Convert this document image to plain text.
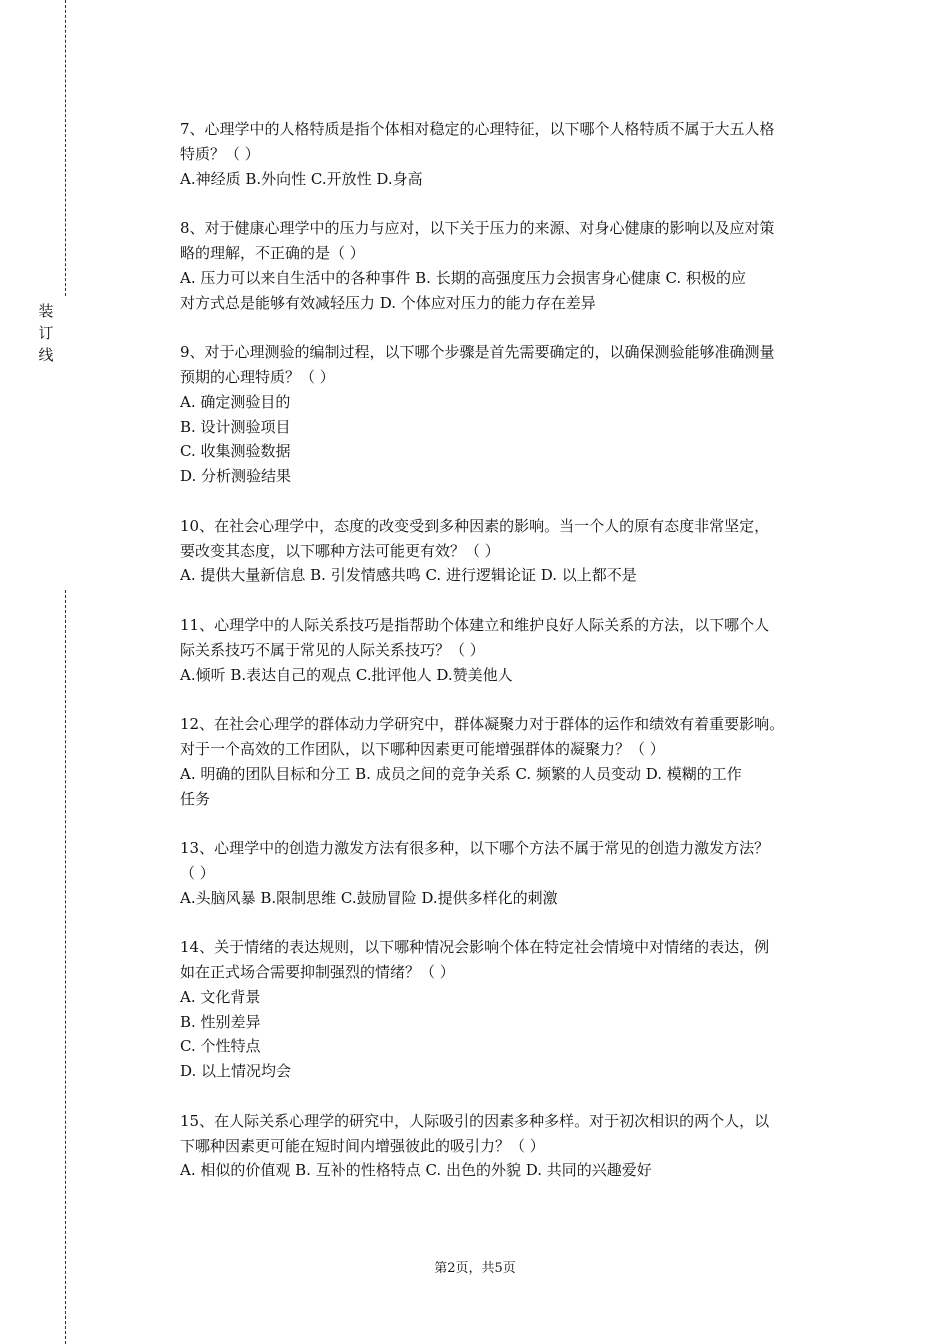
装
订
线

7、心理学中的人格特质是指个体相对稳定的心理特征，以下哪个人格特质不属于大五人格

特质？（ ）

A.神经质 B.外向性 C.开放性 D.身高

8、对于健康心理学中的压力与应对，以下关于压力的来源、对身心健康的影响以及应对策

略的理解，不正确的是（ ）

A. 压力可以来自生活中的各种事件 B. 长期的高强度压力会损害身心健康 C. 积极的应

对方式总是能够有效减轻压力 D. 个体应对压力的能力存在差异

9、对于心理测验的编制过程，以下哪个步骤是首先需要确定的，以确保测验能够准确测量

预期的心理特质？（ ）

A. 确定测验目的

B. 设计测验项目

C. 收集测验数据

D. 分析测验结果

10、在社会心理学中，态度的改变受到多种因素的影响。当一个人的原有态度非常坚定，

要改变其态度，以下哪种方法可能更有效？（ ）

A. 提供大量新信息 B. 引发情感共鸣 C. 进行逻辑论证 D. 以上都不是

11、心理学中的人际关系技巧是指帮助个体建立和维护良好人际关系的方法，以下哪个人

际关系技巧不属于常见的人际关系技巧？（ ）

A.倾听 B.表达自己的观点 C.批评他人 D.赞美他人

12、在社会心理学的群体动力学研究中，群体凝聚力对于群体的运作和绩效有着重要影响。

对于一个高效的工作团队，以下哪种因素更可能增强群体的凝聚力？（ ）

A. 明确的团队目标和分工 B. 成员之间的竞争关系 C. 频繁的人员变动 D. 模糊的工作

任务

13、心理学中的创造力激发方法有很多种，以下哪个方法不属于常见的创造力激发方法？

（ ）

A.头脑风暴 B.限制思维 C.鼓励冒险 D.提供多样化的刺激

14、关于情绪的表达规则，以下哪种情况会影响个体在特定社会情境中对情绪的表达，例

如在正式场合需要抑制强烈的情绪？（ ）

A. 文化背景

B. 性别差异

C. 个性特点

D. 以上情况均会

15、在人际关系心理学的研究中，人际吸引的因素多种多样。对于初次相识的两个人，以

下哪种因素更可能在短时间内增强彼此的吸引力？（ ）

A. 相似的价值观 B. 互补的性格特点 C. 出色的外貌 D. 共同的兴趣爱好

第2页，共5页
